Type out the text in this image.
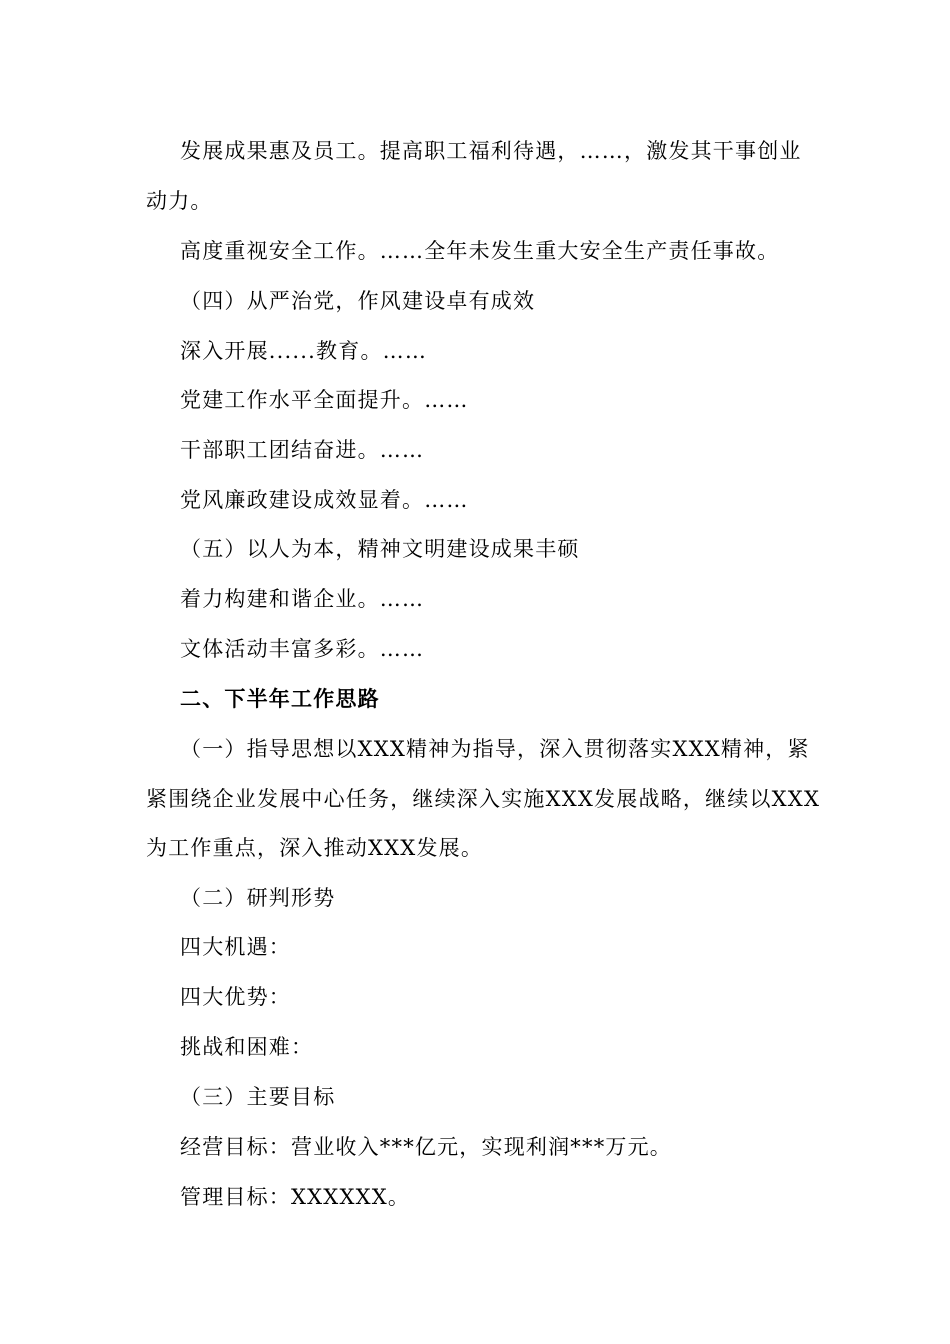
发展成果惠及员工。提高职工福利待遇，……，激发其干事创业
动力。
高度重视安全工作。……全年未发生重大安全生产责任事故。
（四）从严治党，作风建设卓有成效
深入开展......教育。……
党建工作水平全面提升。……
干部职工团结奋进。……
党风廉政建设成效显着。……
（五）以人为本，精神文明建设成果丰硕
着力构建和谐企业。……
文体活动丰富多彩。……
二、下半年工作思路
（一）指导思想以XXX精神为指导，深入贯彻落实XXX精神，紧
紧围绕企业发展中心任务，继续深入实施XXX发展战略，继续以XXX
为工作重点，深入推动XXX发展。
（二）研判形势
四大机遇：
四大优势：
挑战和困难：
（三）主要目标
经营目标：营业收入***亿元，实现利润***万元。
管理目标：XXXXXX。
